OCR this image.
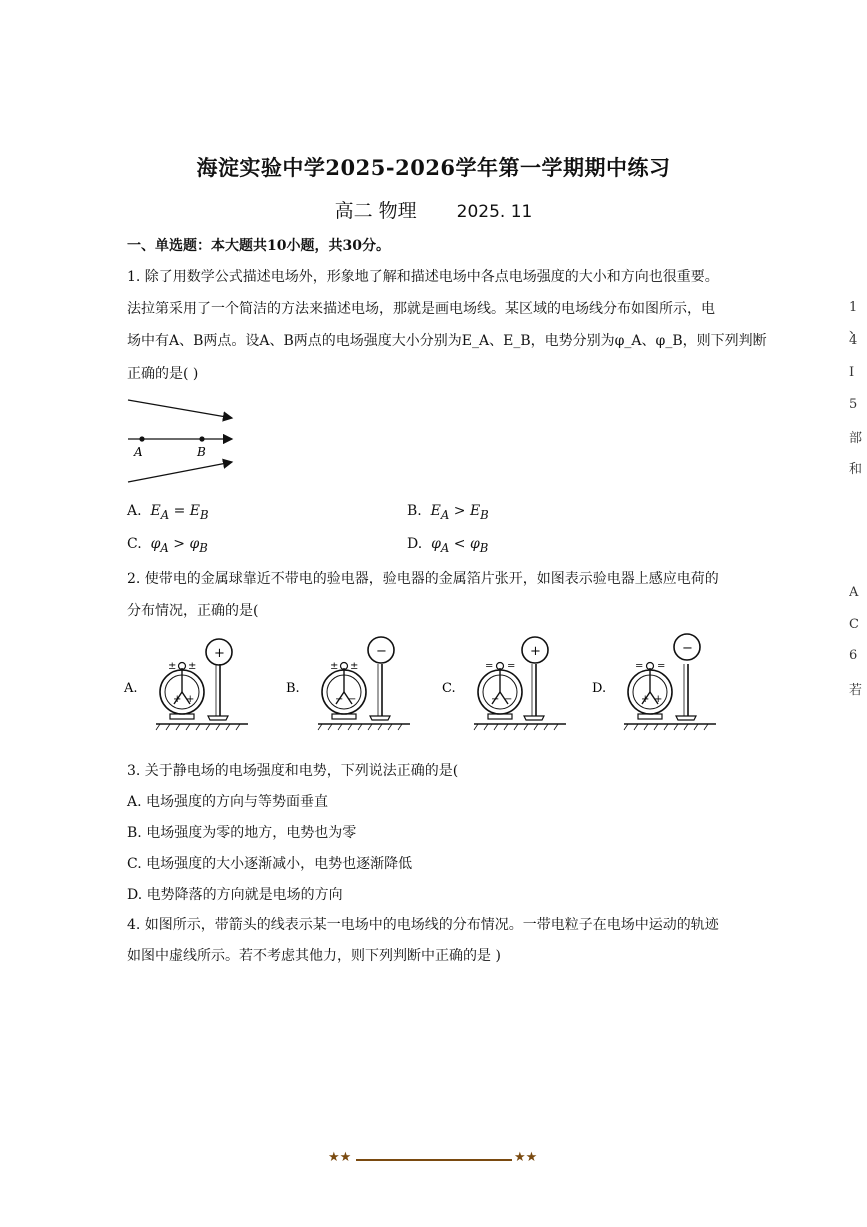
海淀实验中学2025-2026学年第一学期期中练习
高二 物理 2025. 11
一、单选题：本大题共10小题，共30分。
1. 除了用数学公式描述电场外，形象地了解和描述电场中各点电场强度的大小和方向也很重要。
法拉第采用了一个简洁的方法来描述电场，那就是画电场线。某区域的电场线分布如图所示，电
场中有A、B两点。设A、B两点的电场强度大小分别为E_A、E_B，电势分别为φ_A、φ_B，则下列判断
正确的是( )
A	B
A. $E_A = E_B$	B. $E_A > E_B$
C. $\varphi_A > \varphi_B$	D. $\varphi_A < \varphi_B$
2. 使带电的金属球靠近不带电的验电器，验电器的金属箔片张开，如图表示验电器上感应电荷的
分布情况，正确的是(
A.
± ±
+ +
+
B.
± ±
− −
−
C.
= =
− −
+
D.
= =
+ +
−
3. 关于静电场的电场强度和电势，下列说法正确的是(
A. 电场强度的方向与等势面垂直
B. 电场强度为零的地方，电势也为零
C. 电场强度的大小逐渐减小，电势也逐渐降低
D. 电势降落的方向就是电场的方向
4. 如图所示，带箭头的线表示某一电场中的电场线的分布情况。一带电粒子在电场中运动的轨迹
如图中虚线所示。若不考虑其他力，则下列判断中正确的是 )
1
、
4
I
5
部
和
A
C
6
若
★★	★★
